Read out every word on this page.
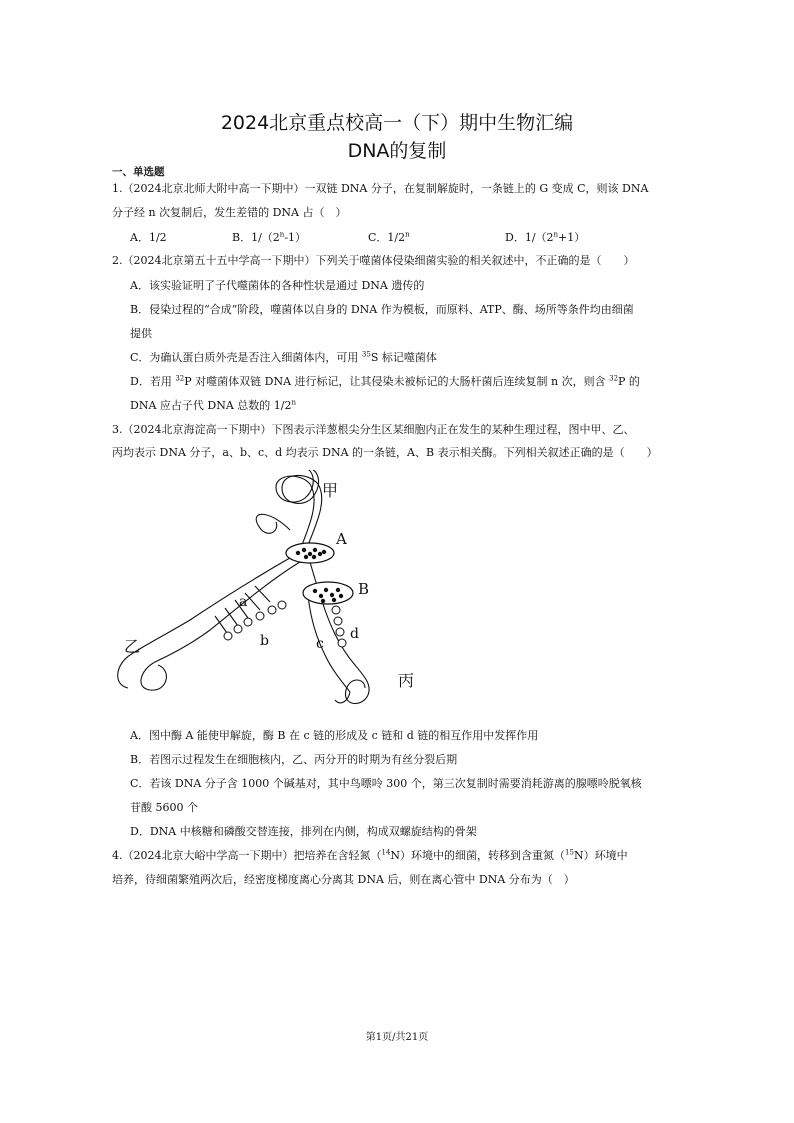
2024北京重点校高一（下）期中生物汇编
DNA的复制
一、单选题
1.（2024北京北师大附中高一下期中）一双链 DNA 分子，在复制解旋时，一条链上的 G 变成 C，则该 DNA
分子经 n 次复制后，发生差错的 DNA 占（　）
A．1/2	B．1/（2$^n$-1）	C．1/2$^n$	D．$1/(2^n+1)$
2.（2024北京第五十五中学高一下期中）下列关于噬菌体侵染细菌实验的相关叙述中，不正确的是（　　）
A．该实验证明了子代噬菌体的各种性状是通过 DNA 遗传的
B．侵染过程的“合成”阶段，噬菌体以自身的 DNA 作为模板，而原料、ATP、酶、场所等条件均由细菌
提供
C．为确认蛋白质外壳是否注入细菌体内，可用 $^{35}$S 标记噬菌体
D．若用 $^{32}$P 对噬菌体双链 DNA 进行标记，让其侵染未被标记的大肠杆菌后连续复制 n 次，则含 $^{32}$P 的
DNA 应占子代 DNA 总数的 1/2$^n$
3.（2024北京海淀高一下期中）下图表示洋葱根尖分生区某细胞内正在发生的某种生理过程，图中甲、乙、
丙均表示 DNA 分子，a、b、c、d 均表示 DNA 的一条链，A、B 表示相关酶。下列相关叙述正确的是（　　）
甲
A
B
a
b	c
d
乙
丙
A．图中酶 A 能使甲解旋，酶 B 在 c 链的形成及 c 链和 d 链的相互作用中发挥作用
B．若图示过程发生在细胞核内，乙、丙分开的时期为有丝分裂后期
C．若该 DNA 分子含 1000 个碱基对，其中鸟嘌呤 300 个，第三次复制时需要消耗游离的腺嘌呤脱氧核
苷酸 5600 个
D．DNA 中核糖和磷酸交替连接，排列在内侧，构成双螺旋结构的骨架
4.（2024北京大峪中学高一下期中）把培养在含轻氮（$^{14}$N）环境中的细菌，转移到含重氮（$^{15}$N）环境中
培养，待细菌繁殖两次后，经密度梯度离心分离其 DNA 后，则在离心管中 DNA 分布为（　）
第1页/共21页
